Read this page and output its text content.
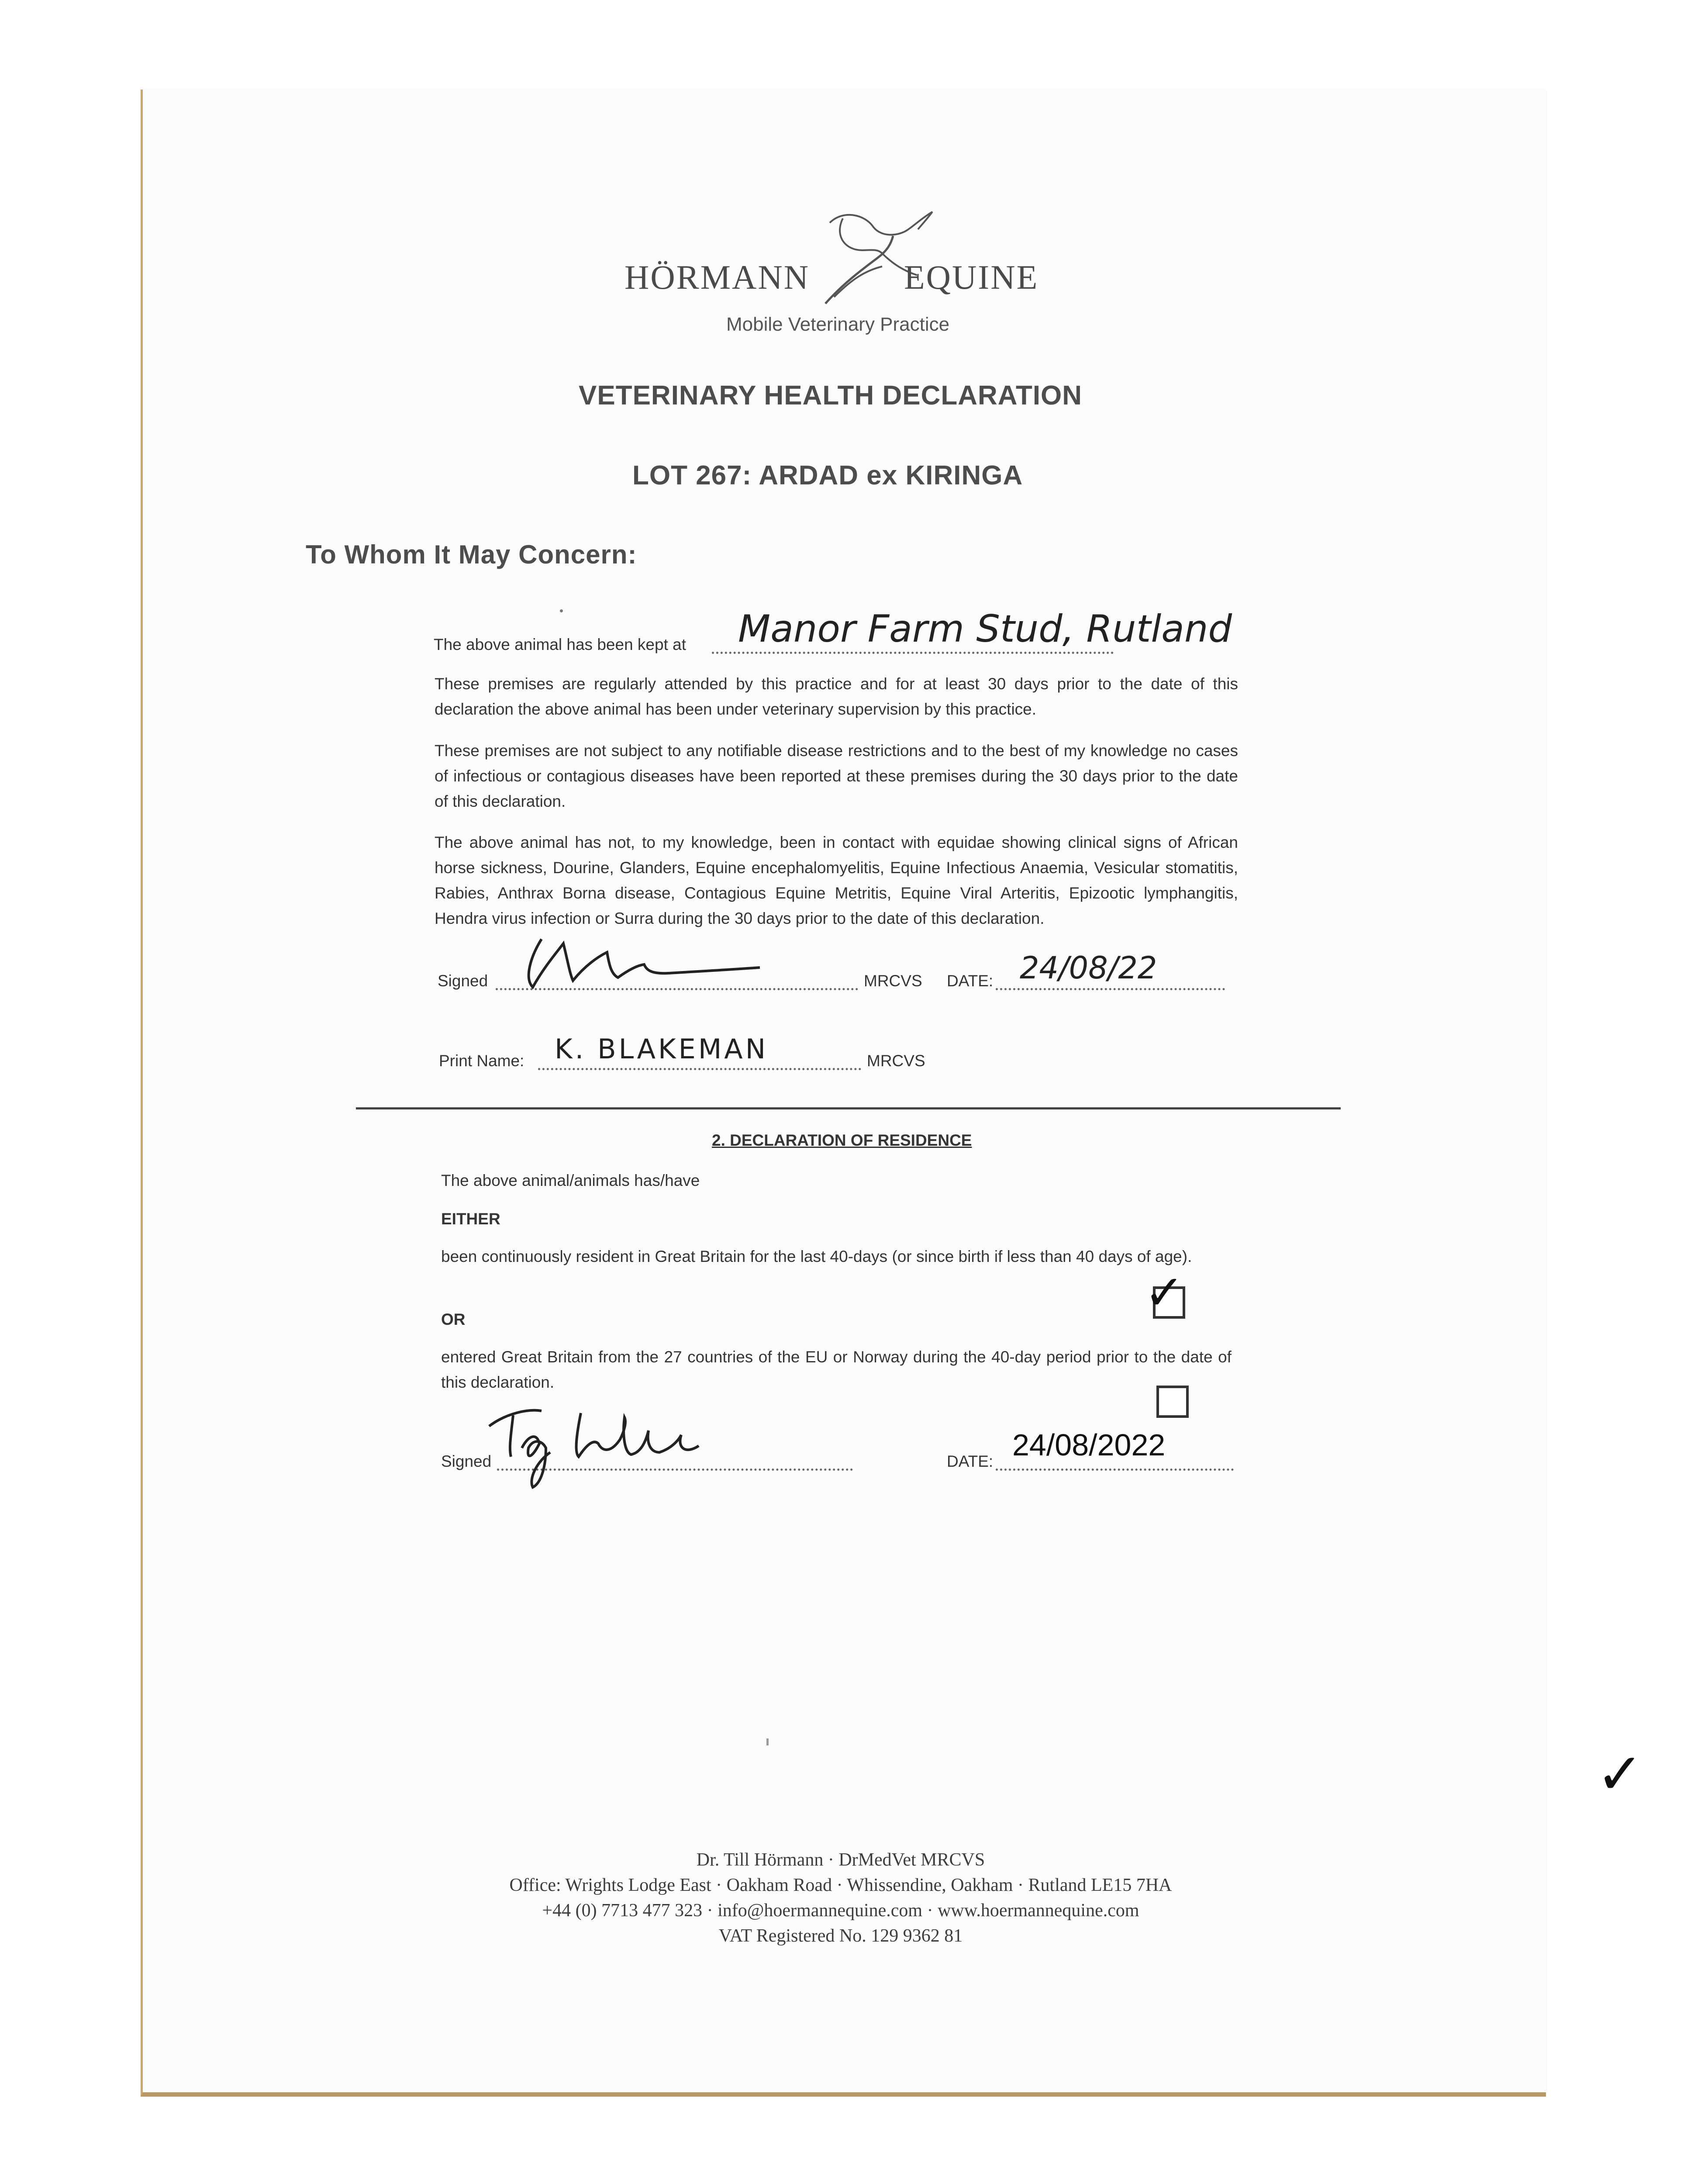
HÖRMANN	EQUINE
Mobile Veterinary Practice
VETERINARY HEALTH DECLARATION
LOT 267: ARDAD ex KIRINGA
To Whom It May Concern:
The above animal has been kept at Manor Farm Stud, Rutland
These premises are regularly attended by this practice and for at least 30 days prior to the date of this declaration the above animal has been under veterinary supervision by this practice.
These premises are not subject to any notifiable disease restrictions and to the best of my knowledge no cases of infectious or contagious diseases have been reported at these premises during the 30 days prior to the date of this declaration.
The above animal has not, to my knowledge, been in contact with equidae showing clinical signs of African horse sickness, Dourine, Glanders, Equine encephalomyelitis, Equine Infectious Anaemia, Vesicular stomatitis, Rabies, Anthrax Borna disease, Contagious Equine Metritis, Equine Viral Arteritis, Epizootic lymphangitis, Hendra virus infection or Surra during the 30 days prior to the date of this declaration.
Signed	MRCVS DATE: 24/08/22
Print Name: K. BLAKEMAN	MRCVS
2. DECLARATION OF RESIDENCE
The above animal/animals has/have
EITHER
been continuously resident in Great Britain for the last 40-days (or since birth if less than 40 days of age).
✓
OR
entered Great Britain from the 27 countries of the EU or Norway during the 40-day period prior to the date of this declaration.
Signed	DATE: 24/08/2022
Dr. Till Hörmann · DrMedVet MRCVS
Office: Wrights Lodge East · Oakham Road · Whissendine, Oakham · Rutland LE15 7HA
+44 (0) 7713 477 323 · info@hoermannequine.com · www.hoermannequine.com
VAT Registered No. 129 9362 81
✓
